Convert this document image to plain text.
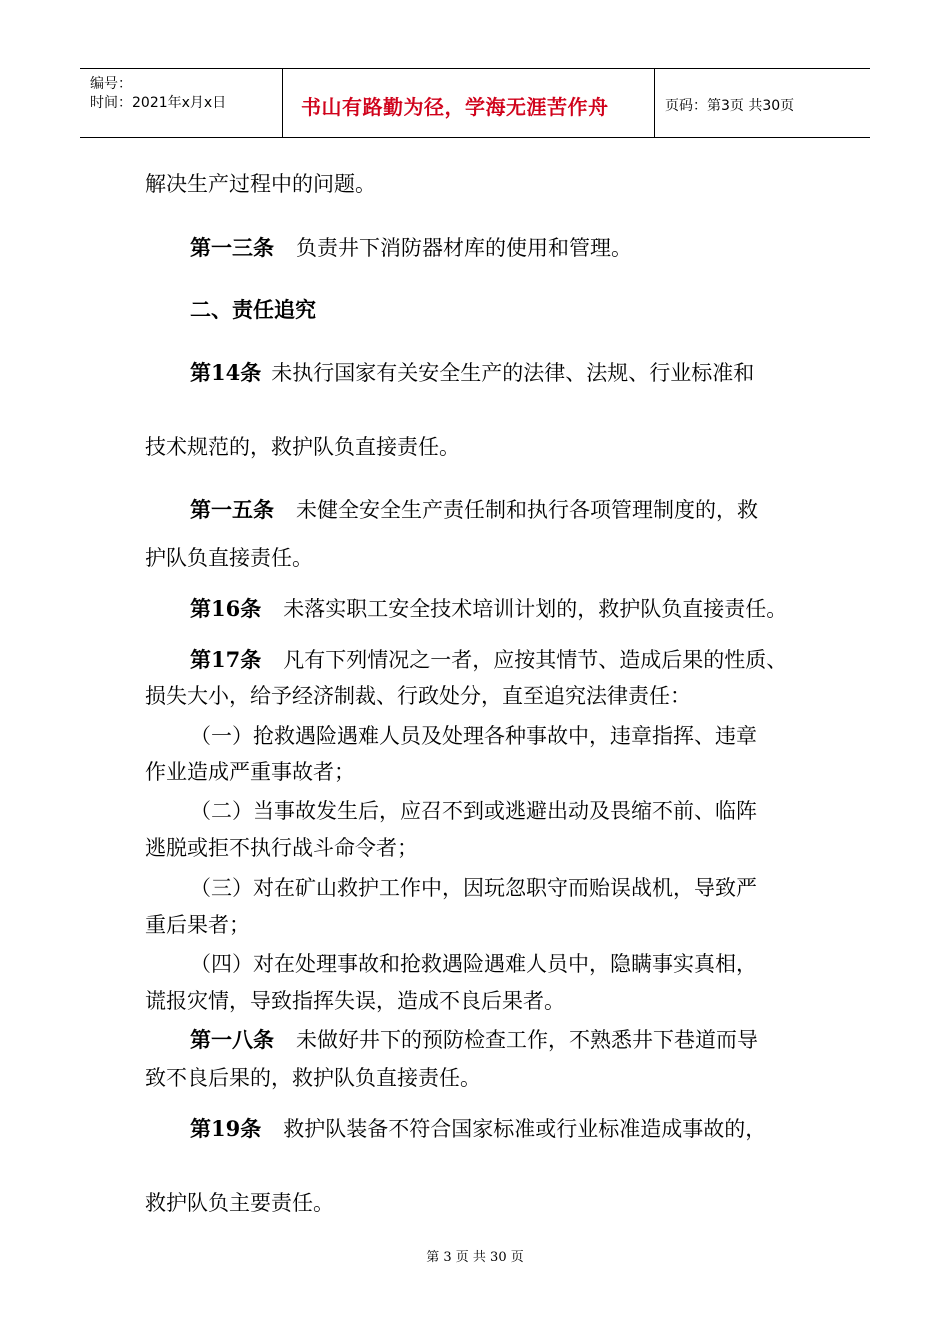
编号：
时间：2021年x月x日	书山有路勤为径，学海无涯苦作舟	页码：第3页 共30页
解决生产过程中的问题。
第一三条 负责井下消防器材库的使用和管理。
二、责任追究
第14条 未执行国家有关安全生产的法律、法规、行业标准和
技术规范的，救护队负直接责任。
第一五条 未健全安全生产责任制和执行各项管理制度的，救
护队负直接责任。
第16条 未落实职工安全技术培训计划的，救护队负直接责任。
第17条 凡有下列情况之一者，应按其情节、造成后果的性质、
损失大小，给予经济制裁、行政处分，直至追究法律责任：
（一）抢救遇险遇难人员及处理各种事故中，违章指挥、违章
作业造成严重事故者；
（二）当事故发生后，应召不到或逃避出动及畏缩不前、临阵
逃脱或拒不执行战斗命令者；
（三）对在矿山救护工作中，因玩忽职守而贻误战机，导致严
重后果者；
（四）对在处理事故和抢救遇险遇难人员中，隐瞒事实真相，
谎报灾情，导致指挥失误，造成不良后果者。
第一八条 未做好井下的预防检查工作，不熟悉井下巷道而导
致不良后果的，救护队负直接责任。
第19条 救护队装备不符合国家标准或行业标准造成事故的，
救护队负主要责任。
第 3 页 共 30 页
